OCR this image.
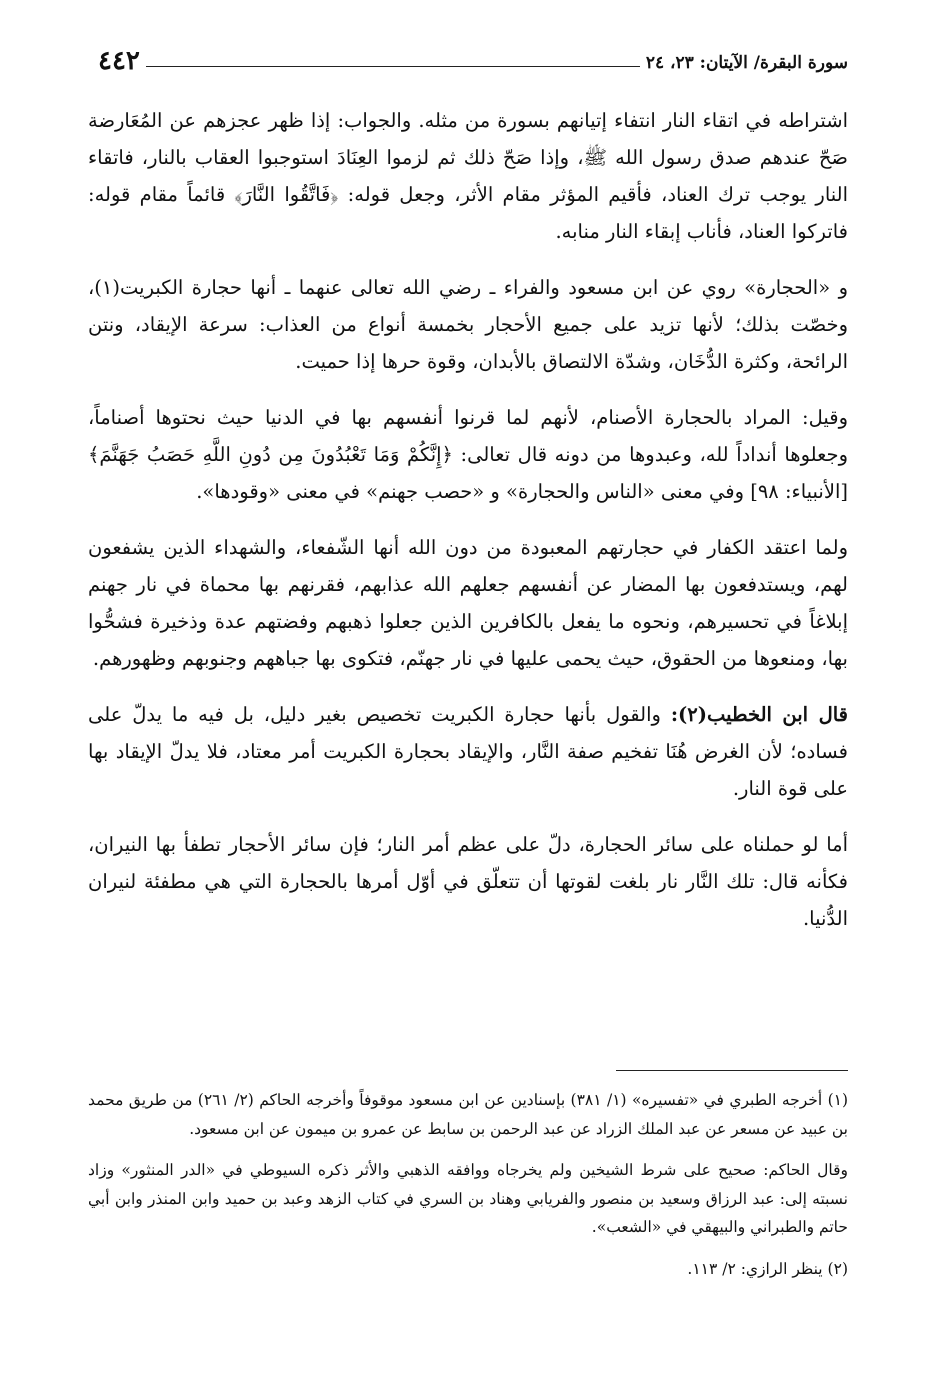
سورة البقرة/ الآيتان: ٢٣، ٢٤
٤٤٢

اشتراطه في اتقاء النار انتفاء إتيانهم بسورة من مثله. والجواب: إذا ظهر عجزهم عن المُعَارضة صَحّ عندهم صدق رسول الله ﷺ، وإذا صَحّ ذلك ثم لزموا العِنَادَ استوجبوا العقاب بالنار، فاتقاء النار يوجب ترك العناد، فأقيم المؤثر مقام الأثر، وجعل قوله: ﴿فَاتَّقُوا النَّارَ﴾ قائماً مقام قوله: فاتركوا العناد، فأناب إبقاء النار منابه.

و «الحجارة» روي عن ابن مسعود والفراء ـ رضي الله تعالى عنهما ـ أنها حجارة الكبريت(١)، وخصّت بذلك؛ لأنها تزيد على جميع الأحجار بخمسة أنواع من العذاب: سرعة الإيقاد، ونتن الرائحة، وكثرة الدُّخَان، وشدّة الالتصاق بالأبدان، وقوة حرها إذا حميت.

وقيل: المراد بالحجارة الأصنام، لأنهم لما قرنوا أنفسهم بها في الدنيا حيث نحتوها أصناماً، وجعلوها أنداداً لله، وعبدوها من دونه قال تعالى: ﴿إِنَّكُمْ وَمَا تَعْبُدُونَ مِن دُونِ اللَّهِ حَصَبُ جَهَنَّمَ﴾ [الأنبياء: ٩٨] وفي معنى «الناس والحجارة» و «حصب جهنم» في معنى «وقودها».

ولما اعتقد الكفار في حجارتهم المعبودة من دون الله أنها الشّفعاء، والشهداء الذين يشفعون لهم، ويستدفعون بها المضار عن أنفسهم جعلهم الله عذابهم، فقرنهم بها محماة في نار جهنم إبلاغاً في تحسيرهم، ونحوه ما يفعل بالكافرين الذين جعلوا ذهبهم وفضتهم عدة وذخيرة فشحُّوا بها، ومنعوها من الحقوق، حيث يحمى عليها في نار جهنّم، فتكوى بها جباههم وجنوبهم وظهورهم.

قال ابن الخطيب(٢): والقول بأنها حجارة الكبريت تخصيص بغير دليل، بل فيه ما يدلّ على فساده؛ لأن الغرض هُنَا تفخيم صفة النَّار، والإيقاد بحجارة الكبريت أمر معتاد، فلا يدلّ الإيقاد بها على قوة النار.

أما لو حملناه على سائر الحجارة، دلّ على عظم أمر النار؛ فإن سائر الأحجار تطفأ بها النيران، فكأنه قال: تلك النَّار نار بلغت لقوتها أن تتعلّق في أوّل أمرها بالحجارة التي هي مطفئة لنيران الدُّنيا.

(١) أخرجه الطبري في «تفسيره» (١/ ٣٨١) بإسنادين عن ابن مسعود موقوفاً وأخرجه الحاكم (٢/ ٢٦١) من طريق محمد بن عبيد عن مسعر عن عبد الملك الزراد عن عبد الرحمن بن سابط عن عمرو بن ميمون عن ابن مسعود.

وقال الحاكم: صحيح على شرط الشيخين ولم يخرجاه ووافقه الذهبي والأثر ذكره السيوطي في «الدر المنثور» وزاد نسبته إلى: عبد الرزاق وسعيد بن منصور والفريابي وهناد بن السري في كتاب الزهد وعبد بن حميد وابن المنذر وابن أبي حاتم والطبراني والبيهقي في «الشعب».

(٢) ينظر الرازي: ٢/ ١١٣.
